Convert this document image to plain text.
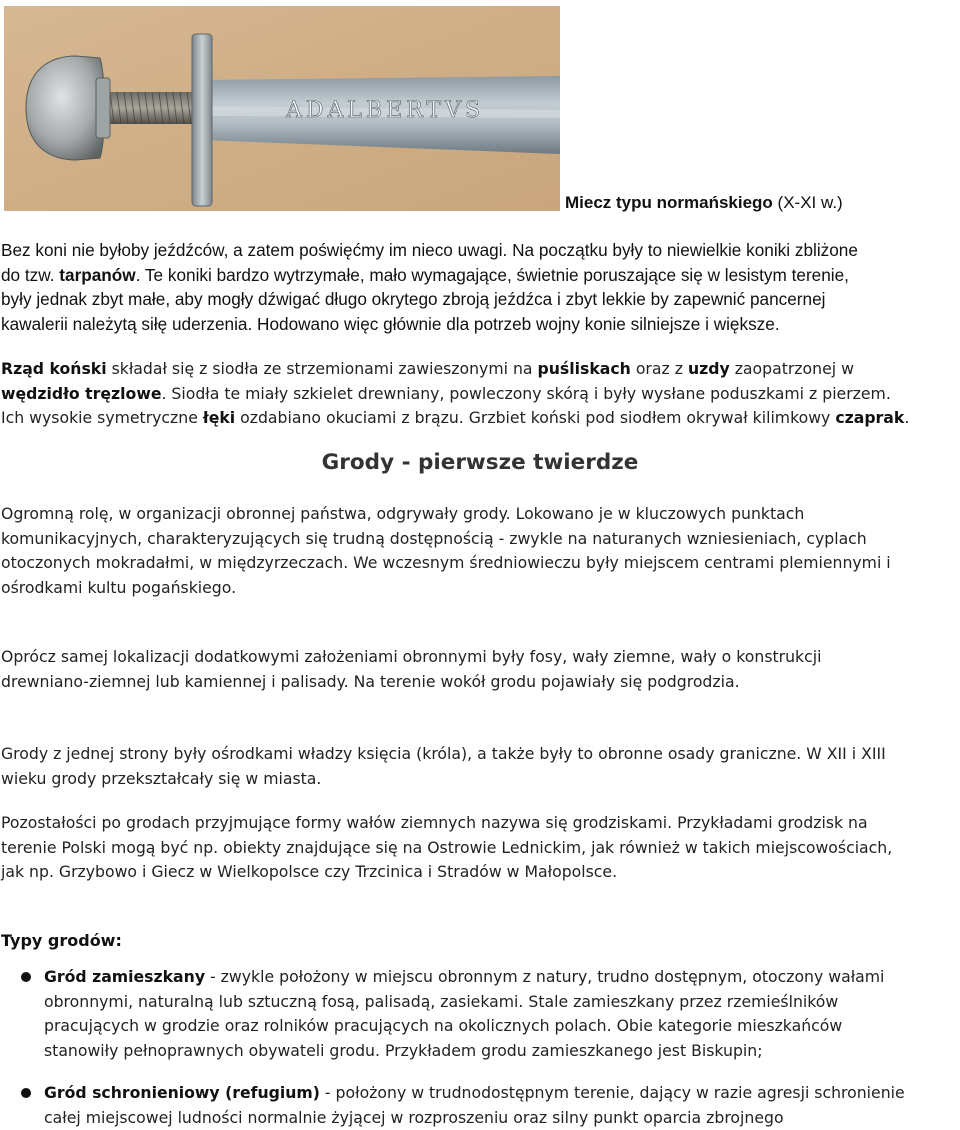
ADALBERTVS
Miecz typu normańskiego (X-XI w.)
Bez koni nie byłoby jeźdźców, a zatem poświęćmy im nieco uwagi. Na początku były to niewielkie koniki zbliżone
do tzw. tarpanów. Te koniki bardzo wytrzymałe, mało wymagające, świetnie poruszające się w lesistym terenie,
były jednak zbyt małe, aby mogły dźwigać długo okrytego zbroją jeźdźca i zbyt lekkie by zapewnić pancernej
kawalerii należytą siłę uderzenia. Hodowano więc głównie dla potrzeb wojny konie silniejsze i większe.
Rząd koński składał się z siodła ze strzemionami zawieszonymi na puśliskach oraz z uzdy zaopatrzonej w
wędzidło tręzlowe. Siodła te miały szkielet drewniany, powleczony skórą i były wysłane poduszkami z pierzem.
Ich wysokie symetryczne łęki ozdabiano okuciami z brązu. Grzbiet koński pod siodłem okrywał kilimkowy czaprak.
Grody - pierwsze twierdze
Ogromną rolę, w organizacji obronnej państwa, odgrywały grody. Lokowano je w kluczowych punktach
komunikacyjnych, charakteryzujących się trudną dostępnością - zwykle na naturanych wzniesieniach, cyplach
otoczonych mokradałmi, w międzyrzeczach. We wczesnym średniowieczu były miejscem centrami plemiennymi i
ośrodkami kultu pogańskiego.
Oprócz samej lokalizacji dodatkowymi założeniami obronnymi były fosy, wały ziemne, wały o konstrukcji
drewniano-ziemnej lub kamiennej i palisady. Na terenie wokół grodu pojawiały się podgrodzia.
Grody z jednej strony były ośrodkami władzy księcia (króla), a także były to obronne osady graniczne. W XII i XIII
wieku grody przekształcały się w miasta.
Pozostałości po grodach przyjmujące formy wałów ziemnych nazywa się grodziskami. Przykładami grodzisk na
terenie Polski mogą być np. obiekty znajdujące się na Ostrowie Lednickim, jak również w takich miejscowościach,
jak np. Grzybowo i Giecz w Wielkopolsce czy Trzcinica i Stradów w Małopolsce.
Typy grodów:
Gród zamieszkany - zwykle położony w miejscu obronnym z natury, trudno dostępnym, otoczony wałami
obronnymi, naturalną lub sztuczną fosą, palisadą, zasiekami. Stale zamieszkany przez rzemieślników
pracujących w grodzie oraz rolników pracujących na okolicznych polach. Obie kategorie mieszkańców
stanowiły pełnoprawnych obywateli grodu. Przykładem grodu zamieszkanego jest Biskupin;
Gród schronieniowy (refugium) - położony w trudnodostępnym terenie, dający w razie agresji schronienie
całej miejscowej ludności normalnie żyjącej w rozproszeniu oraz silny punkt oparcia zbrojnego
